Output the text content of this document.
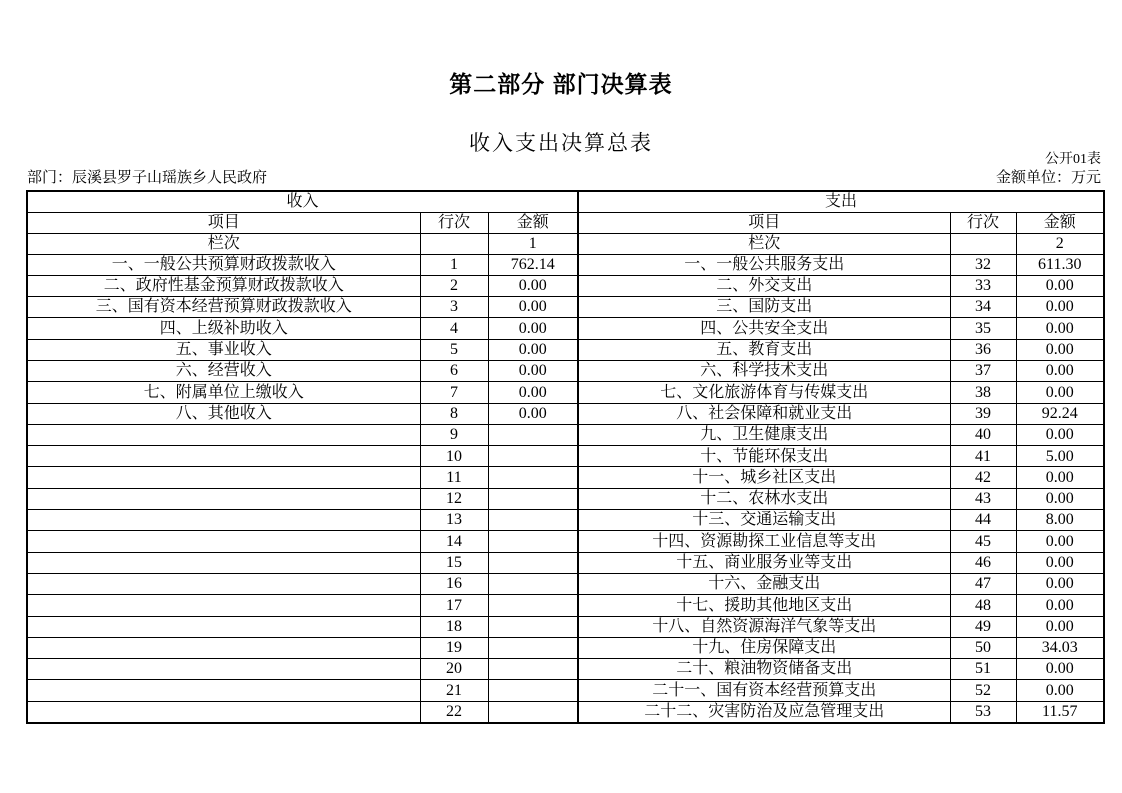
第二部分 部门决算表
收入支出决算总表
公开01表
部门：辰溪县罗子山瑶族乡人民政府	金额单位：万元
收入			支出		
项目	行次	金额	项目	行次	金额
栏次		1	栏次		2
一、一般公共预算财政拨款收入	1	762.14	一、一般公共服务支出	32	611.30
二、政府性基金预算财政拨款收入	2	0.00	二、外交支出	33	0.00
三、国有资本经营预算财政拨款收入	3	0.00	三、国防支出	34	0.00
四、上级补助收入	4	0.00	四、公共安全支出	35	0.00
五、事业收入	5	0.00	五、教育支出	36	0.00
六、经营收入	6	0.00	六、科学技术支出	37	0.00
七、附属单位上缴收入	7	0.00	七、文化旅游体育与传媒支出	38	0.00
八、其他收入	8	0.00	八、社会保障和就业支出	39	92.24
	9		九、卫生健康支出	40	0.00
	10		十、节能环保支出	41	5.00
	11		十一、城乡社区支出	42	0.00
	12		十二、农林水支出	43	0.00
	13		十三、交通运输支出	44	8.00
	14		十四、资源勘探工业信息等支出	45	0.00
	15		十五、商业服务业等支出	46	0.00
	16		十六、金融支出	47	0.00
	17		十七、援助其他地区支出	48	0.00
	18		十八、自然资源海洋气象等支出	49	0.00
	19		十九、住房保障支出	50	34.03
	20		二十、粮油物资储备支出	51	0.00
	21		二十一、国有资本经营预算支出	52	0.00
	22		二十二、灾害防治及应急管理支出	53	11.57
